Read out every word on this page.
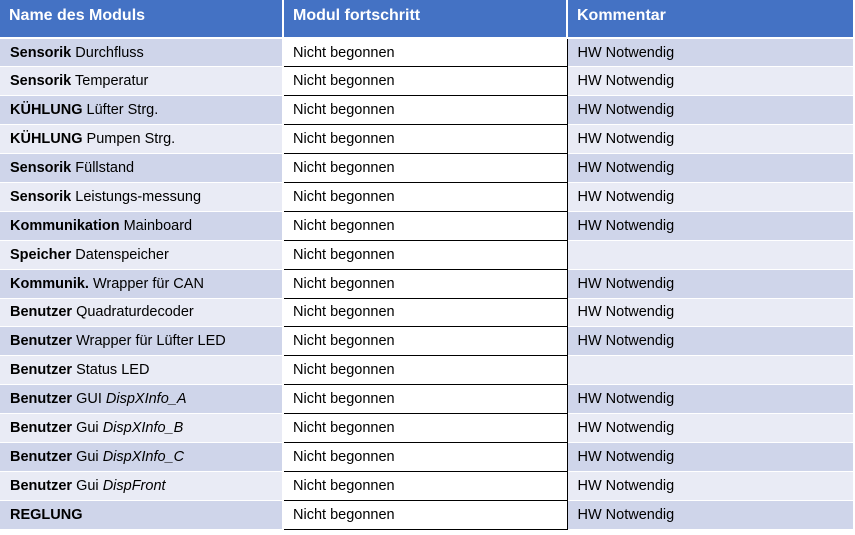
Name des Moduls	Modul fortschritt	Kommentar
Sensorik Durchfluss	Nicht begonnen	HW Notwendig
Sensorik Temperatur	Nicht begonnen	HW Notwendig
KÜHLUNG Lüfter Strg.	Nicht begonnen	HW Notwendig
KÜHLUNG Pumpen Strg.	Nicht begonnen	HW Notwendig
Sensorik Füllstand	Nicht begonnen	HW Notwendig
Sensorik Leistungs-messung	Nicht begonnen	HW Notwendig
Kommunikation Mainboard	Nicht begonnen	HW Notwendig
Speicher Datenspeicher	Nicht begonnen	
Kommunik. Wrapper für CAN	Nicht begonnen	HW Notwendig
Benutzer Quadraturdecoder	Nicht begonnen	HW Notwendig
Benutzer Wrapper für Lüfter LED	Nicht begonnen	HW Notwendig
Benutzer Status LED	Nicht begonnen	
Benutzer GUI DispXInfo_A	Nicht begonnen	HW Notwendig
Benutzer Gui DispXInfo_B	Nicht begonnen	HW Notwendig
Benutzer Gui DispXInfo_C	Nicht begonnen	HW Notwendig
Benutzer Gui DispFront	Nicht begonnen	HW Notwendig
REGLUNG	Nicht begonnen	HW Notwendig
